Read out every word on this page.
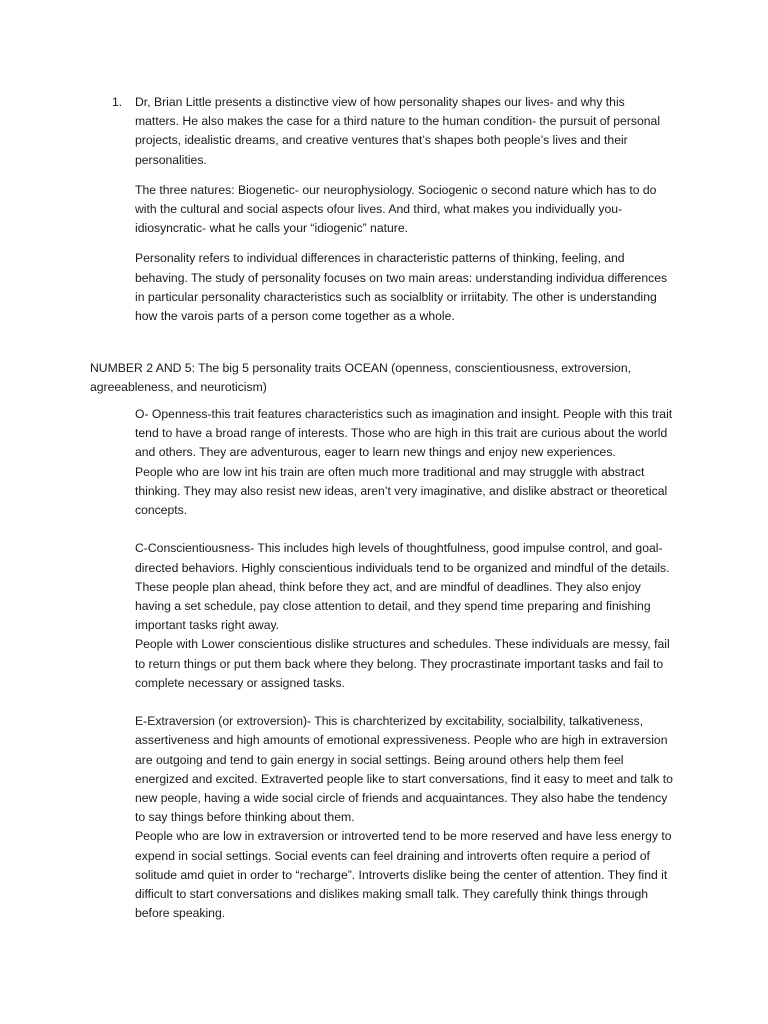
1. Dr, Brian Little presents a distinctive view of how personality shapes our lives- and why this matters. He also makes the case for a third nature to the human condition- the pursuit of personal projects, idealistic dreams, and creative ventures that’s shapes both people’s lives and their personalities.

The three natures: Biogenetic- our neurophysiology. Sociogenic o second nature which has to do with the cultural and social aspects ofour lives. And third, what makes you individually you- idiosyncratic- what he calls your “idiogenic” nature.

Personality refers to individual differences in characteristic patterns of thinking, feeling, and behaving. The study of personality focuses on two main areas: understanding individua differences in particular personality characteristics such as socialblity or irriitabity. The other is understanding how the varois parts of a person come together as a whole.

NUMBER 2 AND 5: The big 5 personality traits OCEAN (openness, conscientiousness, extroversion, agreeableness, and neuroticism)

O- Openness-this trait features characteristics such as imagination and insight. People with this trait tend to have a broad range of interests. Those who are high in this trait are curious about the world and others. They are adventurous, eager to learn new things and enjoy new experiences.

People who are low int his train are often much more traditional and may struggle with abstract thinking. They may also resist new ideas, aren’t very imaginative, and dislike abstract or theoretical concepts.

C-Conscientiousness- This includes high levels of thoughtfulness, good impulse control, and goal-directed behaviors. Highly conscientious individuals tend to be organized and mindful of the details. These people plan ahead, think before they act, and are mindful of deadlines. They also enjoy having a set schedule, pay close attention to detail, and they spend time preparing and finishing important tasks right away.

People with Lower conscientious dislike structures and schedules. These individuals are messy, fail to return things or put them back where they belong. They procrastinate important tasks and fail to complete necessary or assigned tasks.

E-Extraversion (or extroversion)- This is charchterized by excitability, socialbility, talkativeness, assertiveness and high amounts of emotional expressiveness. People who are high in extraversion are outgoing and tend to gain energy in social settings. Being around others help them feel energized and excited. Extraverted people like to start conversations, find it easy to meet and talk to new people, having a wide social circle of friends and acquaintances. They also habe the tendency to say things before thinking about them.

People who are low in extraversion or introverted tend to be more reserved and have less energy to expend in social settings. Social events can feel draining and introverts often require a period of solitude amd quiet in order to “recharge”. Introverts dislike being the center of attention. They find it difficult to start conversations and dislikes making small talk. They carefully think things through before speaking.
